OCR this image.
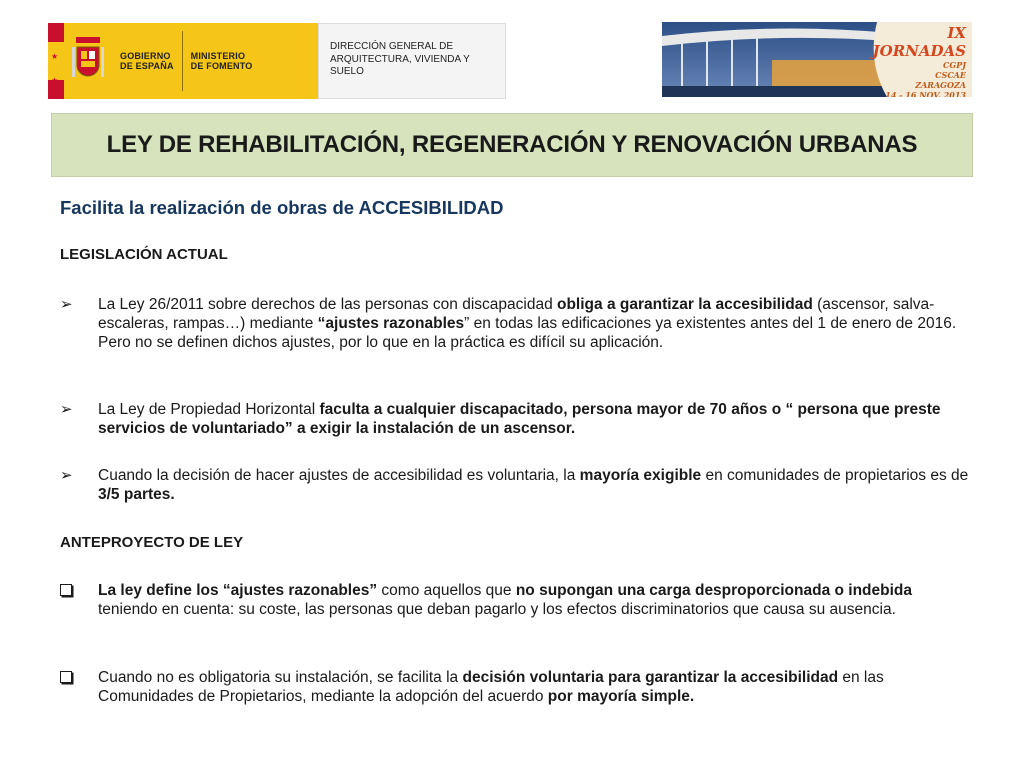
★
★
★
GOBIERNO
DE ESPAÑA
MINISTERIO
DE FOMENTO
DIRECCIÓN GENERAL DE
ARQUITECTURA, VIVIENDA Y
SUELO
IX JORNADAS
CGPJ
CSCAE
ZARAGOZA
14 - 16 NOV. 2013
LEY DE REHABILITACIÓN, REGENERACIÓN Y RENOVACIÓN URBANAS
Facilita la realización de obras de ACCESIBILIDAD
LEGISLACIÓN ACTUAL
➢	La Ley 26/2011 sobre derechos de las personas con discapacidad obliga a garantizar la accesibilidad (ascensor, salva-escaleras, rampas…) mediante “ajustes razonables” en todas las edificaciones ya existentes antes del 1 de enero de 2016. Pero no se definen dichos ajustes, por lo que en la práctica es difícil su aplicación.
➢	La Ley de Propiedad Horizontal faculta a cualquier discapacitado, persona mayor de 70 años o “ persona que preste servicios de voluntariado” a exigir la instalación de un ascensor.
➢	Cuando la decisión de hacer ajustes de accesibilidad es voluntaria, la mayoría exigible en comunidades de propietarios es de 3/5 partes.
ANTEPROYECTO DE LEY
La ley define los “ajustes razonables” como aquellos que no supongan una carga desproporcionada o indebida teniendo en cuenta: su coste, las personas que deban pagarlo y los efectos discriminatorios que causa su ausencia.
Cuando no es obligatoria su instalación, se facilita la decisión voluntaria para garantizar la accesibilidad en las Comunidades de Propietarios, mediante la adopción del acuerdo por mayoría simple.
